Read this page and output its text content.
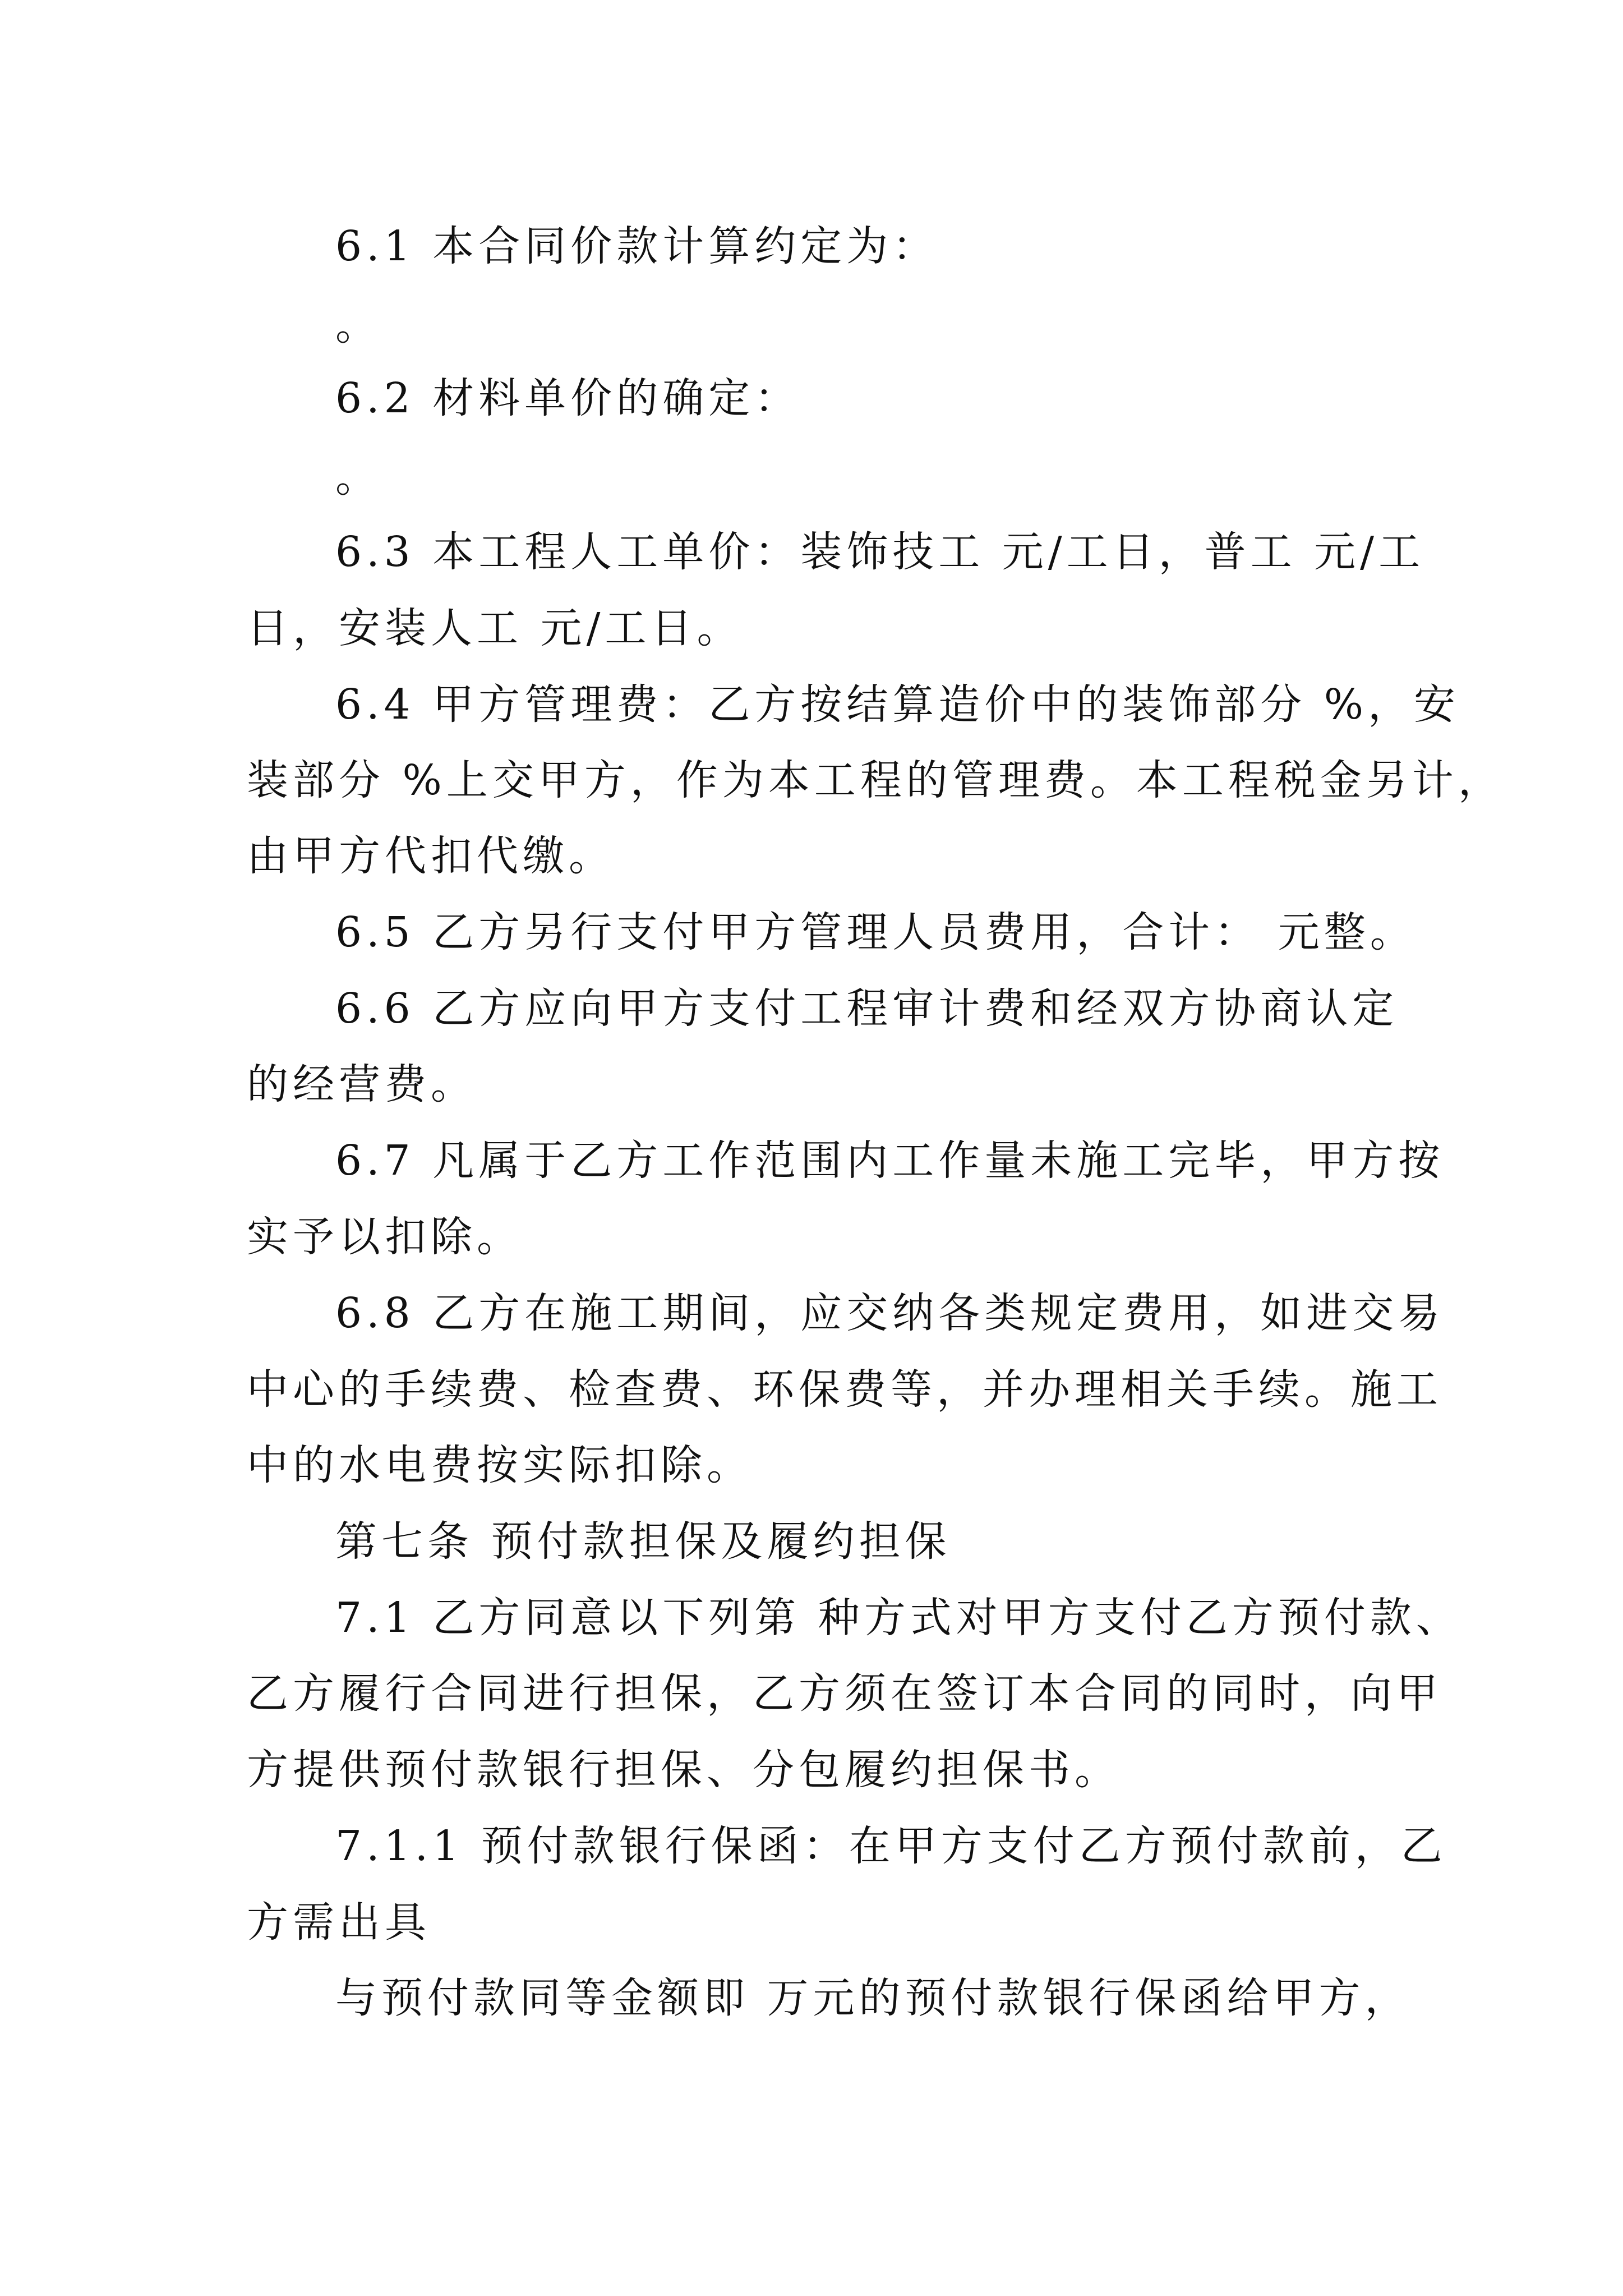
6.1 本合同价款计算约定为：

。

6.2 材料单价的确定：

。

6.3 本工程人工单价：装饰技工 元/工日，普工 元/工

日，安装人工 元/工日。

6.4 甲方管理费：乙方按结算造价中的装饰部分 %，安

装部分 %上交甲方，作为本工程的管理费。本工程税金另计，

由甲方代扣代缴。

6.5 乙方另行支付甲方管理人员费用，合计： 元整。

6.6 乙方应向甲方支付工程审计费和经双方协商认定

的经营费。

6.7 凡属于乙方工作范围内工作量未施工完毕，甲方按

实予以扣除。

6.8 乙方在施工期间，应交纳各类规定费用，如进交易

中心的手续费、检查费、环保费等，并办理相关手续。施工

中的水电费按实际扣除。

第七条 预付款担保及履约担保

7.1 乙方同意以下列第 种方式对甲方支付乙方预付款、

乙方履行合同进行担保，乙方须在签订本合同的同时，向甲

方提供预付款银行担保、分包履约担保书。

7.1.1 预付款银行保函：在甲方支付乙方预付款前，乙

方需出具

与预付款同等金额即 万元的预付款银行保函给甲方，
